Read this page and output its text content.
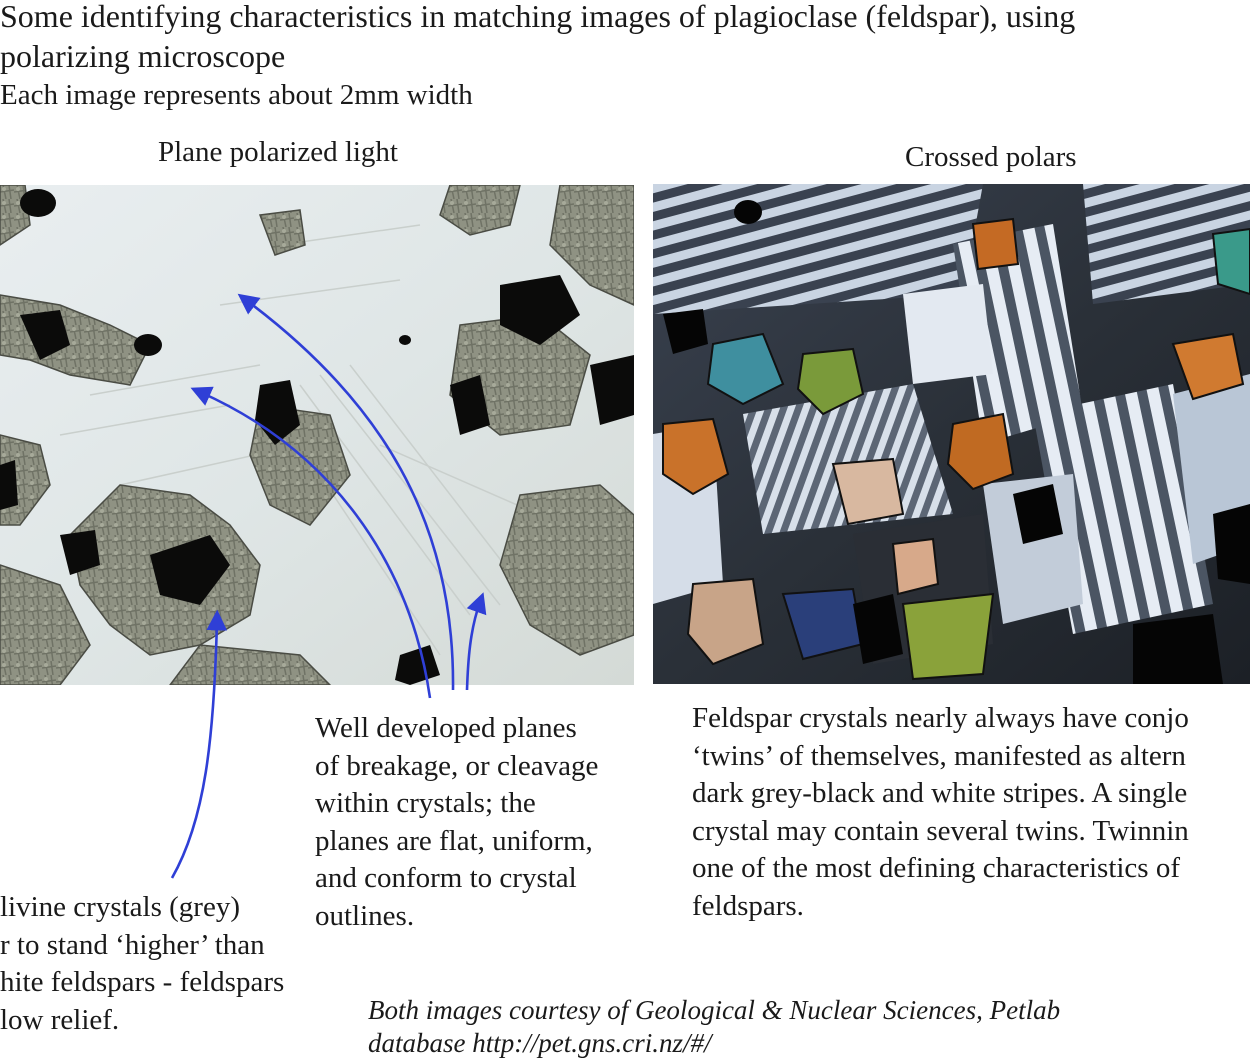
Some identifying characteristics in matching images of plagioclase (feldspar), using
polarizing microscope
Each image represents about 2mm width
Plane polarized light	Crossed polars
Well developed planes
of breakage, or cleavage
within crystals; the
planes are flat, uniform,
and conform to crystal
outlines.
livine crystals (grey)
r to stand ‘higher’ than
hite feldspars - feldspars
low relief.
Feldspar crystals nearly always have conjo
‘twins’ of themselves, manifested as altern
dark grey-black and white stripes. A single
crystal may contain several twins. Twinnin
one of the most defining characteristics of
feldspars.
Both images courtesy of Geological & Nuclear Sciences, Petlab
database http://pet.gns.cri.nz/#/
